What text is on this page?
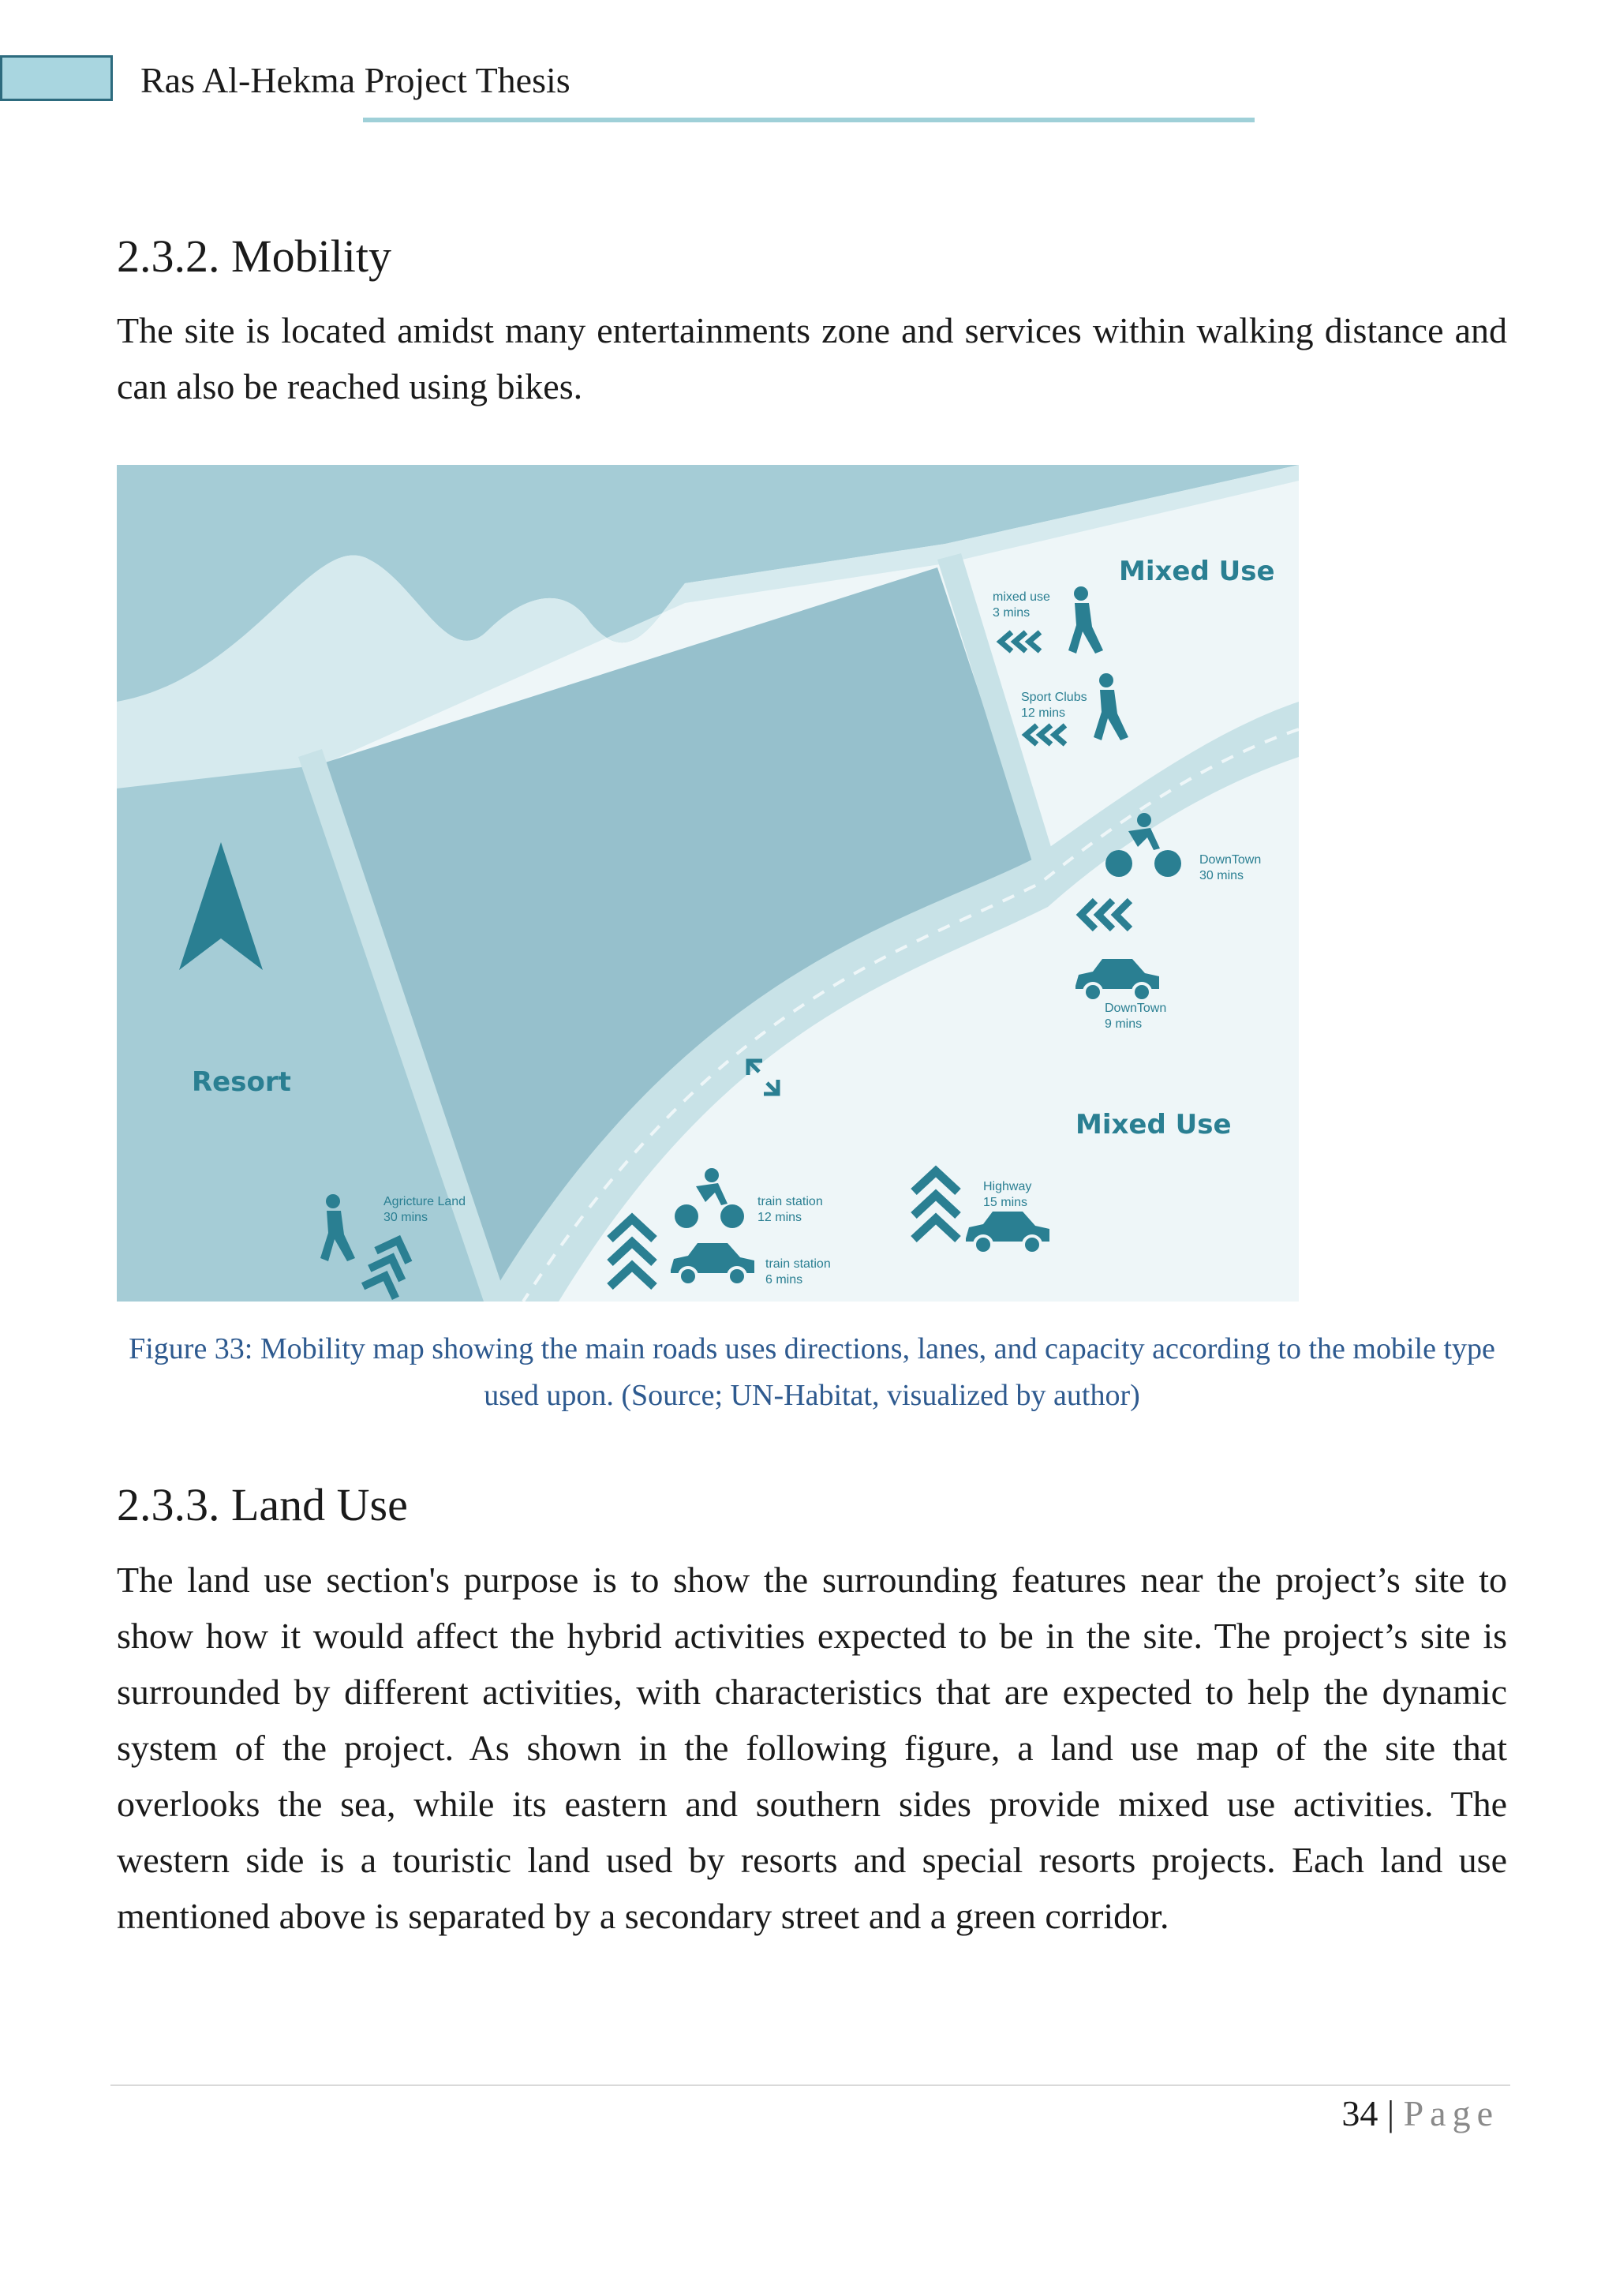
Ras Al-Hekma Project Thesis
2.3.2. Mobility

The site is located amidst many entertainments zone and services within walking distance and can also be reached using bikes.

Mixed Use
Mixed Use
Resort
mixed use
3 mins
Sport Clubs
12 mins
DownTown
30 mins
DownTown
9 mins
Agricture Land
30 mins
train station
12 mins
train station
6 mins
Highway
15 mins
Figure 33: Mobility map showing the main roads uses directions, lanes, and capacity according to the mobile type used upon. (Source; UN-Habitat, visualized by author)
2.3.3. Land Use

The land use section's purpose is to show the surrounding features near the project’s site to show how it would affect the hybrid activities expected to be in the site. The project’s site is surrounded by different activities, with characteristics that are expected to help the dynamic system of the project. As shown in the following figure, a land use map of the site that overlooks the sea, while its eastern and southern sides provide mixed use activities. The western side is a touristic land used by resorts and special resorts projects. Each land use mentioned above is separated by a secondary street and a green corridor.

34 | Page
